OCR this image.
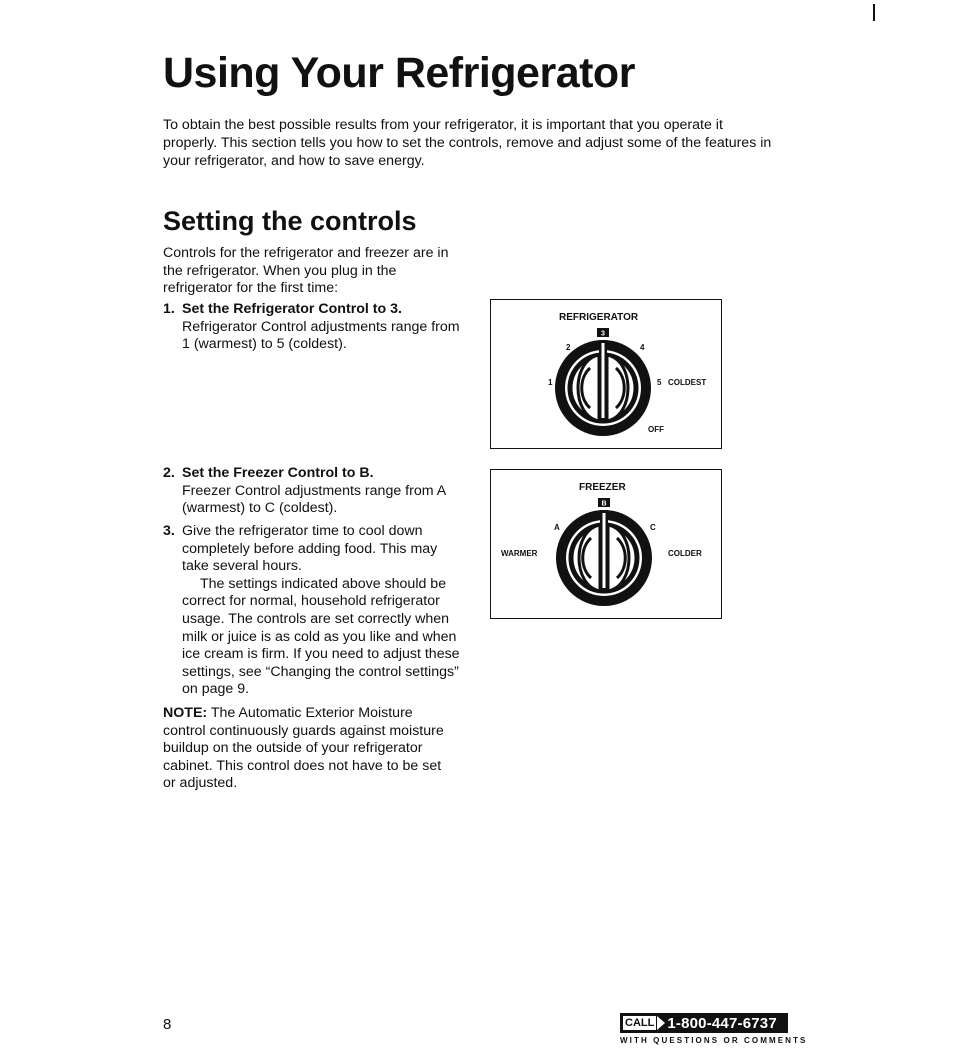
Using Your Refrigerator
To obtain the best possible results from your refrigerator, it is important that you operate it properly. This section tells you how to set the controls, remove and adjust some of the features in your refrigerator, and how to save energy.
Setting the controls
Controls for the refrigerator and freezer are in the refrigerator. When you plug in the refrigerator for the first time:
1. Set the Refrigerator Control to 3.
Refrigerator Control adjustments range from 1 (warmest) to 5 (coldest).
REFRIGERATOR
3
2	4
1	5 COLDEST
OFF
2. Set the Freezer Control to B.
Freezer Control adjustments range from A (warmest) to C (coldest).
3. Give the refrigerator time to cool down completely before adding food. This may take several hours.
The settings indicated above should be correct for normal, household refrigerator usage. The controls are set correctly when milk or juice is as cold as you like and when ice cream is firm. If you need to adjust these settings, see “Changing the control settings” on page 9.
FREEZER
B
A	C
WARMER	COLDER
NOTE: The Automatic Exterior Moisture control continuously guards against moisture buildup on the outside of your refrigerator cabinet. This control does not have to be set or adjusted.
8	CALL 1-800-447-6737
WITH QUESTIONS OR COMMENTS
